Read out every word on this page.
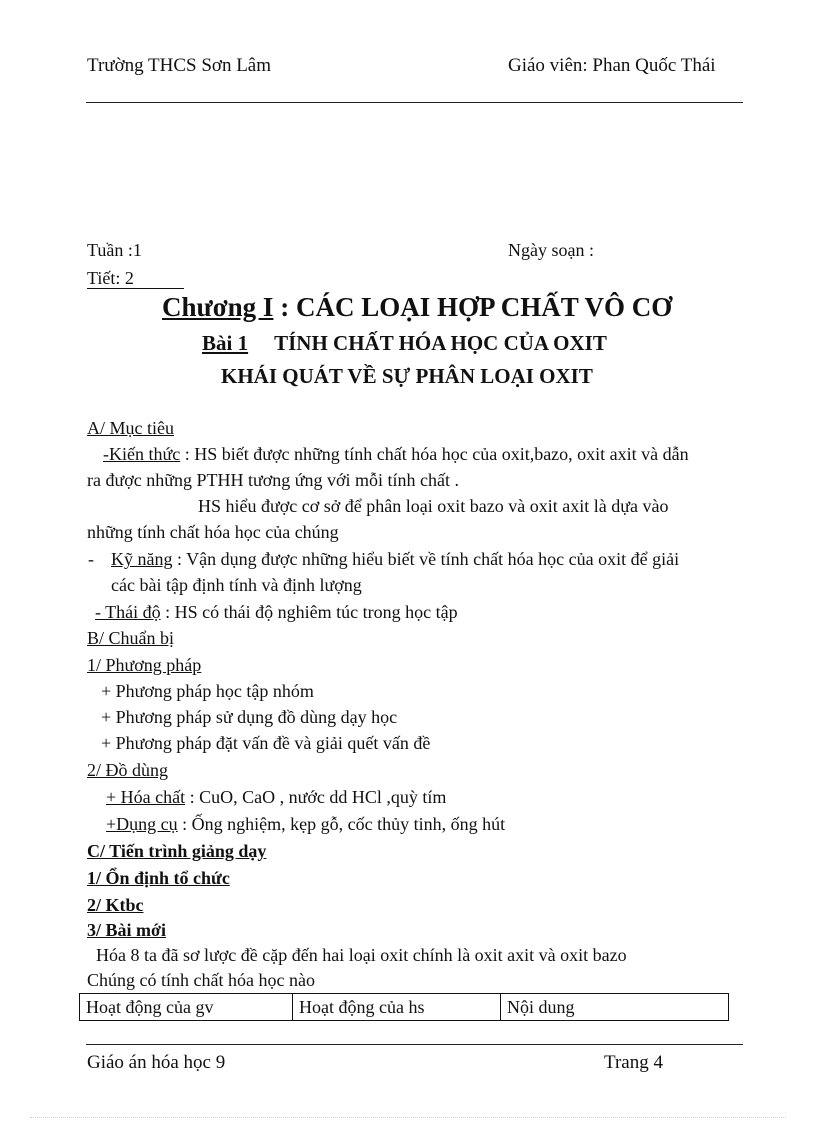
Trường THCS Sơn Lâm	Giáo viên: Phan Quốc Thái
Tuần :1	Ngày soạn :
Tiết: 2
Chương I : CÁC LOẠI HỢP CHẤT VÔ CƠ
Bài 1 TÍNH CHẤT HÓA HỌC CỦA OXIT
KHÁI QUÁT VỀ SỰ PHÂN LOẠI OXIT
A/ Mục tiêu
-Kiến thức : HS biết được những tính chất hóa học của oxit,bazo, oxit axit và dẫn
ra được những PTHH tương ứng với mỗi tính chất .
HS hiểu được cơ sở để phân loại oxit bazo và oxit axit là dựa vào
những tính chất hóa học của chúng
- Kỹ năng : Vận dụng được những hiểu biết về tính chất hóa học của oxit để giải
các bài tập định tính và định lượng
- Thái độ : HS có thái độ nghiêm túc trong học tập
B/ Chuẩn bị
1/ Phương pháp
+ Phương pháp học tập nhóm
+ Phương pháp sử dụng đồ dùng dạy học
+ Phương pháp đặt vấn đề và giải quết vấn đề
2/ Đồ dùng
+ Hóa chất : CuO, CaO , nước dd HCl ,quỳ tím
+Dụng cụ : Ống nghiệm, kẹp gỗ, cốc thủy tinh, ống hút
C/ Tiến trình giảng dạy
1/ Ổn định tổ chức
2/ Ktbc
3/ Bài mới
Hóa 8 ta đã sơ lược đề cặp đến hai loại oxit chính là oxit axit và oxit bazo
Chúng có tính chất hóa học nào
Hoạt động của gv	Hoạt động của hs	Nội dung
Giáo án hóa học 9	Trang 4
